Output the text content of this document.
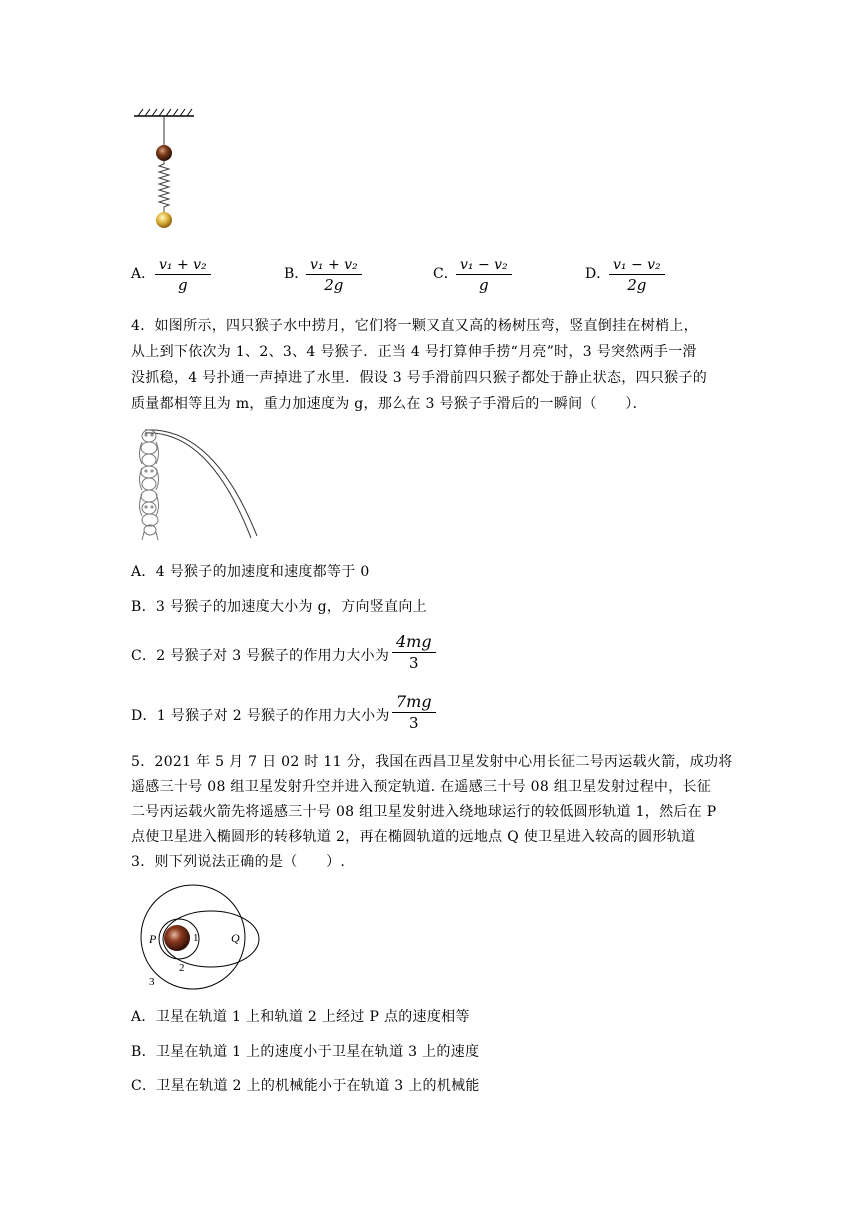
A．
v₁ + v₂
g
B．
v₁ + v₂
2g
C．
v₁ − v₂
g
D．
v₁ − v₂
2g
4．如图所示，四只猴子水中捞月，它们将一颗又直又高的杨树压弯，竖直倒挂在树梢上，
从上到下依次为 1、2、3、4 号猴子．正当 4 号打算伸手捞“月亮”时，3 号突然两手一滑
没抓稳，4 号扑通一声掉进了水里．假设 3 号手滑前四只猴子都处于静止状态，四只猴子的
质量都相等且为 m，重力加速度为 g，那么在 3 号猴子手滑后的一瞬间（　　）．
A．4 号猴子的加速度和速度都等于 0
B．3 号猴子的加速度大小为 g，方向竖直向上
C．2 号猴子对 3 号猴子的作用力大小为
4mg
3
D．1 号猴子对 2 号猴子的作用力大小为
7mg
3
5．2021 年 5 月 7 日 02 时 11 分，我国在西昌卫星发射中心用长征二号丙运载火箭，成功将
遥感三十号 08 组卫星发射升空并进入预定轨道. 在遥感三十号 08 组卫星发射过程中，长征
二号丙运载火箭先将遥感三十号 08 组卫星发射进入绕地球运行的较低圆形轨道 1，然后在 P
点使卫星进入椭圆形的转移轨道 2，再在椭圆轨道的远地点 Q 使卫星进入较高的圆形轨道
3．则下列说法正确的是（　　）.
P	1	Q
2
3
A．卫星在轨道 1 上和轨道 2 上经过 P 点的速度相等
B．卫星在轨道 1 上的速度小于卫星在轨道 3 上的速度
C．卫星在轨道 2 上的机械能小于在轨道 3 上的机械能
